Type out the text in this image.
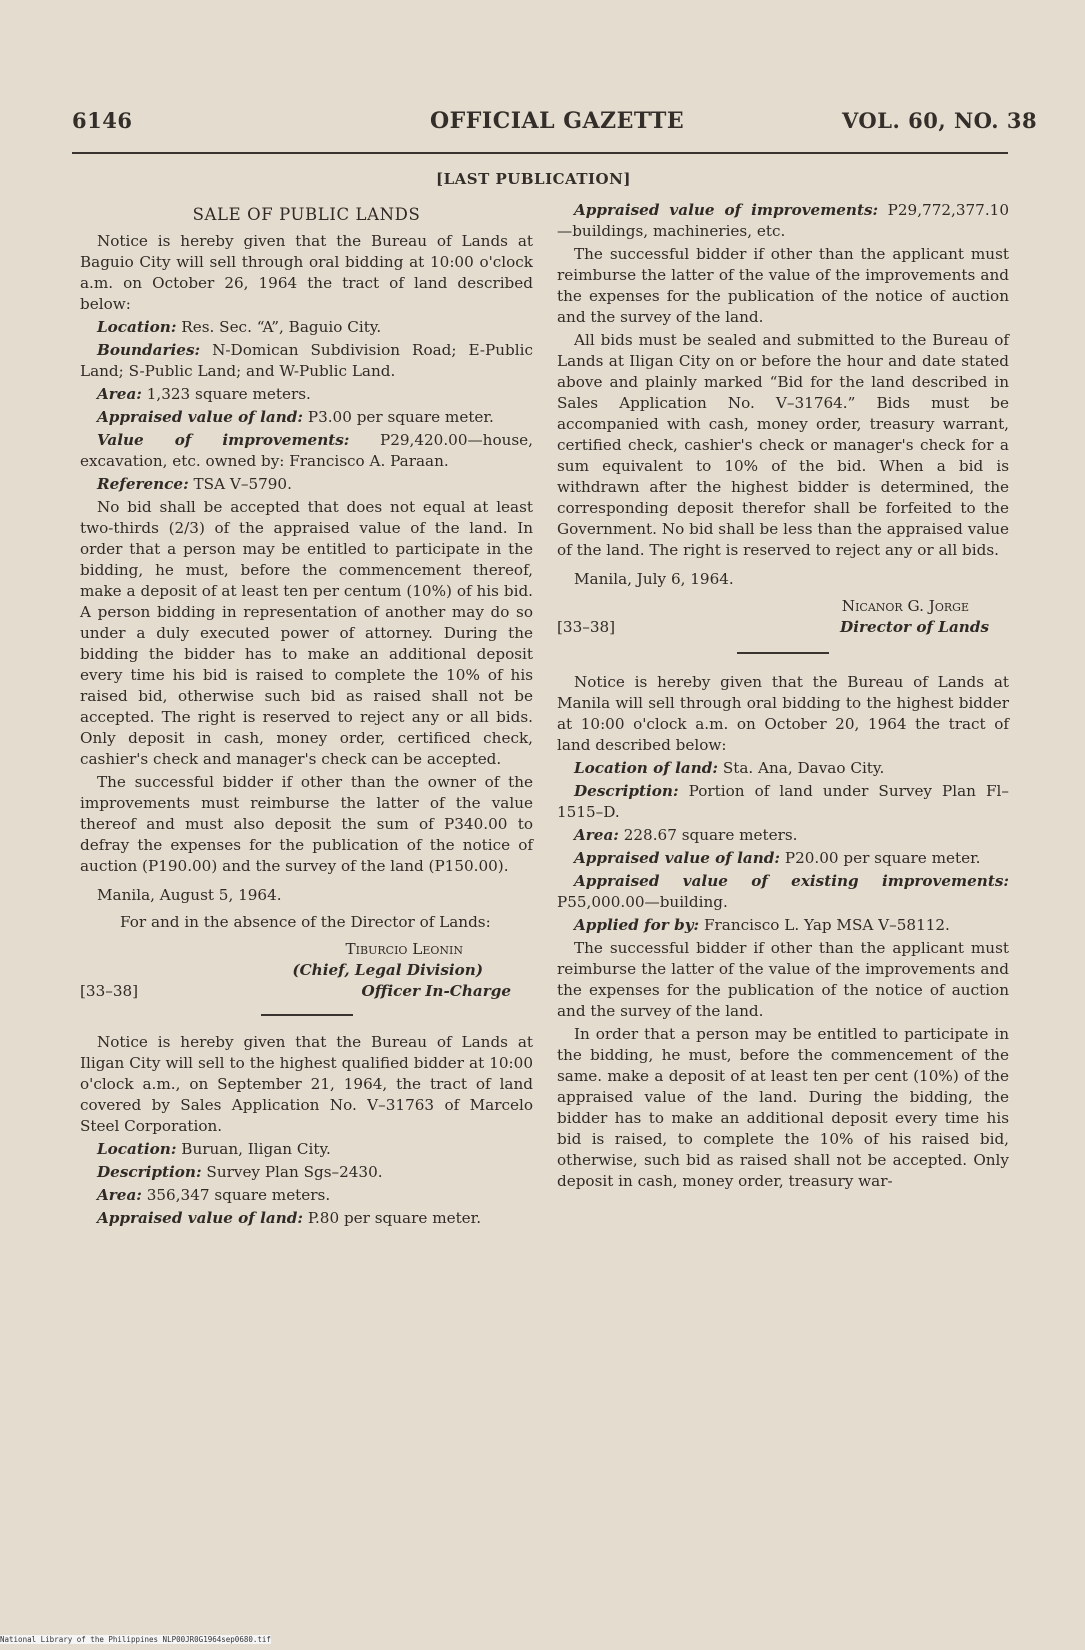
6146	OFFICIAL GAZETTE	VOL. 60, NO. 38
[LAST PUBLICATION]
SALE OF PUBLIC LANDS

Notice is hereby given that the Bureau of Lands at Baguio City will sell through oral bidding at 10:00 o'clock a.m. on October 26, 1964 the tract of land described below:

Location: Res. Sec. “A”, Baguio City.

Boundaries: N-Domican Subdivision Road; E-Public Land; S-Public Land; and W-Public Land.

Area: 1,323 square meters.

Appraised value of land: P3.00 per square meter.

Value of improvements: P29,420.00—house, excavation, etc. owned by: Francisco A. Paraan.

Reference: TSA V–5790.

No bid shall be accepted that does not equal at least two-thirds (2/3) of the appraised value of the land. In order that a person may be entitled to participate in the bidding, he must, before the commencement thereof, make a deposit of at least ten per centum (10%) of his bid. A person bidding in representation of another may do so under a duly executed power of attorney. During the bidding the bidder has to make an additional deposit every time his bid is raised to complete the 10% of his raised bid, otherwise such bid as raised shall not be accepted. The right is reserved to reject any or all bids. Only deposit in cash, money order, certificed check, cashier's check and manager's check can be accepted.

The successful bidder if other than the owner of the improvements must reimburse the latter of the value thereof and must also deposit the sum of P340.00 to defray the expenses for the publication of the notice of auction (P190.00) and the survey of the land (P150.00).

Manila, August 5, 1964.

For and in the absence of the Director of Lands:

Tiburcio Leonin
(Chief, Legal Division)
[33–38]	Officer In-Charge

Notice is hereby given that the Bureau of Lands at Iligan City will sell to the highest qualified bidder at 10:00 o'clock a.m., on September 21, 1964, the tract of land covered by Sales Application No. V–31763 of Marcelo Steel Corporation.

Location: Buruan, Iligan City.

Description: Survey Plan Sgs–2430.

Area: 356,347 square meters.

Appraised value of land: P.80 per square meter.

Appraised value of improvements: P29,772,377.10 —buildings, machineries, etc.

The successful bidder if other than the applicant must reimburse the latter of the value of the improvements and the expenses for the publication of the notice of auction and the survey of the land.

All bids must be sealed and submitted to the Bureau of Lands at Iligan City on or before the hour and date stated above and plainly marked “Bid for the land described in Sales Application No. V–31764.” Bids must be accompanied with cash, money order, treasury warrant, certified check, cashier's check or manager's check for a sum equivalent to 10% of the bid. When a bid is withdrawn after the highest bidder is determined, the corresponding deposit therefor shall be forfeited to the Government. No bid shall be less than the appraised value of the land. The right is reserved to reject any or all bids.

Manila, July 6, 1964.

Nicanor G. Jorge
[33–38]	Director of Lands

Notice is hereby given that the Bureau of Lands at Manila will sell through oral bidding to the highest bidder at 10:00 o'clock a.m. on October 20, 1964 the tract of land described below:

Location of land: Sta. Ana, Davao City.

Description: Portion of land under Survey Plan Fl–1515–D.

Area: 228.67 square meters.

Appraised value of land: P20.00 per square meter.

Appraised value of existing improvements: P55,000.00—building.

Applied for by: Francisco L. Yap MSA V–58112.

The successful bidder if other than the applicant must reimburse the latter of the value of the improvements and the expenses for the publication of the notice of auction and the survey of the land.

In order that a person may be entitled to participate in the bidding, he must, before the commencement of the same. make a deposit of at least ten per cent (10%) of the appraised value of the land. During the bidding, the bidder has to make an additional deposit every time his bid is raised, to complete the 10% of his raised bid, otherwise, such bid as raised shall not be accepted. Only deposit in cash, money order, treasury war-

National Library of the Philippines NLP00JR0G1964sep0680.tif
